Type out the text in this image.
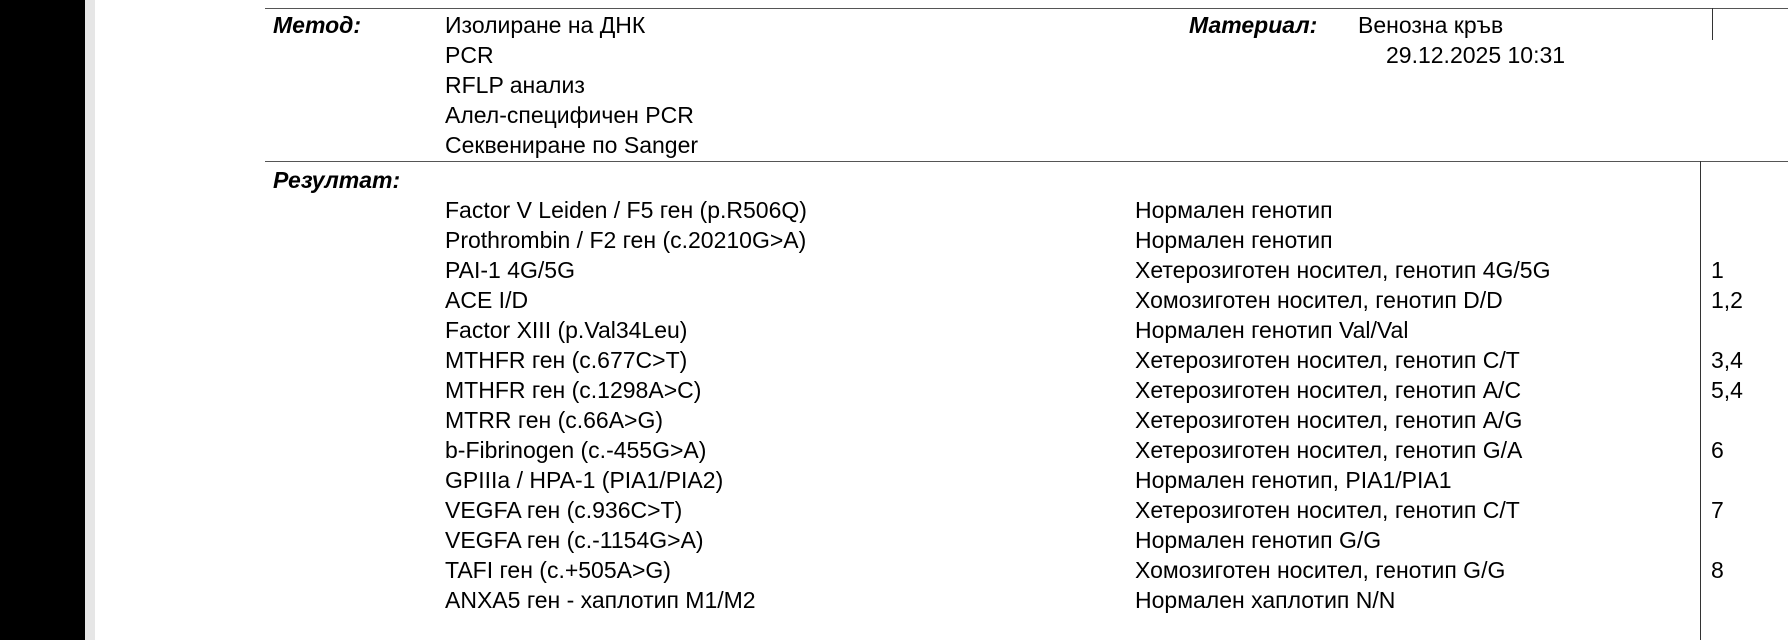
Метод:	Изолиране на ДНК
PCR
RFLP анализ
Алел-специфичен PCR
Секвениране по Sanger
Материал: Венозна кръв
29.12.2025 10:31
Резултат:
Factor V Leiden / F5 ген (p.R506Q)
Prothrombin / F2 ген (c.20210G>A)
PAI-1 4G/5G
ACE I/D
Factor XIII (p.Val34Leu)
MTHFR ген (c.677C>T)
MTHFR ген (c.1298A>C)
MTRR ген (c.66A>G)
b-Fibrinogen (c.-455G>A)
GPIIIa / HPA-1 (PIA1/PIA2)
VEGFA ген (c.936C>T)
VEGFA ген (c.-1154G>A)
TAFI ген (c.+505A>G)
ANXA5 ген - хаплотип M1/M2
Нормален генотип
Нормален генотип
Хетерозиготен носител, генотип 4G/5G
Хомозиготен носител, генотип D/D
Нормален генотип Val/Val
Хетерозиготен носител, генотип C/T
Хетерозиготен носител, генотип A/C
Хетерозиготен носител, генотип A/G
Хетерозиготен носител, генотип G/A
Нормален генотип, PIA1/PIA1
Хетерозиготен носител, генотип C/T
Нормален генотип G/G
Хомозиготен носител, генотип G/G
Нормален хаплотип N/N
1
1,2
3,4
5,4
6
7
8
